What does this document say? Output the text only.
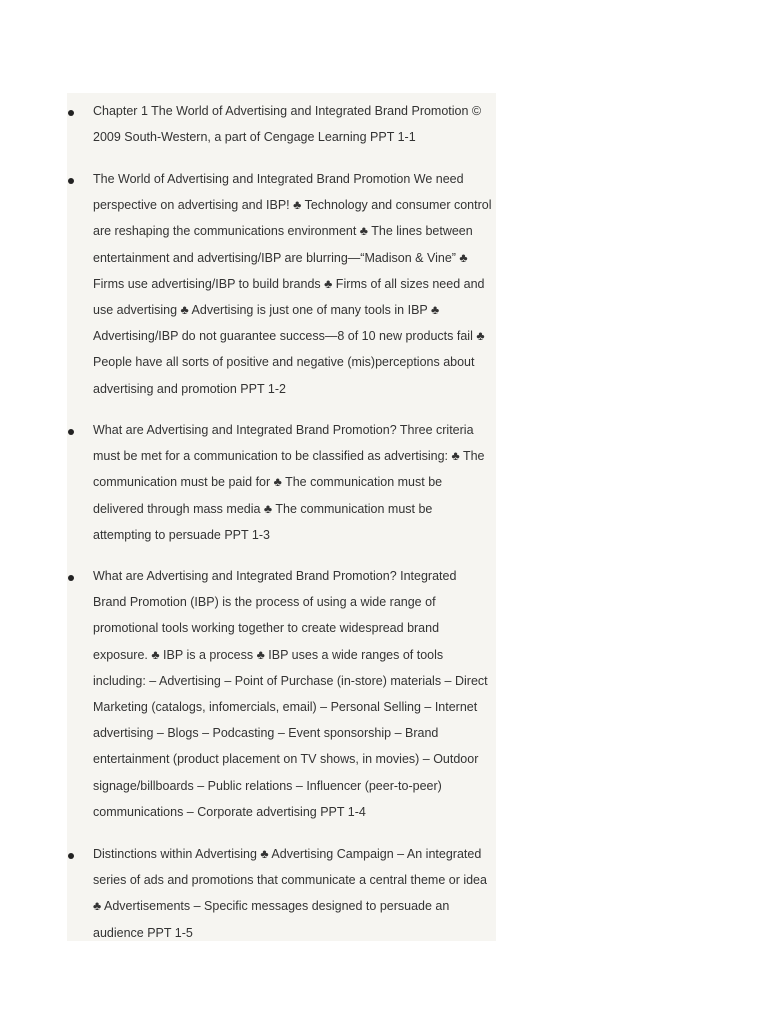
Chapter 1 The World of Advertising and Integrated Brand Promotion © 2009 South-Western, a part of Cengage Learning PPT 1-1

The World of Advertising and Integrated Brand Promotion We need perspective on advertising and IBP! ♣ Technology and consumer control are reshaping the communications environment ♣ The lines between entertainment and advertising/IBP are blurring—“Madison & Vine” ♣ Firms use advertising/IBP to build brands ♣ Firms of all sizes need and use advertising ♣ Advertising is just one of many tools in IBP ♣ Advertising/IBP do not guarantee success—8 of 10 new products fail ♣ People have all sorts of positive and negative (mis)perceptions about advertising and promotion PPT 1-2

What are Advertising and Integrated Brand Promotion? Three criteria must be met for a communication to be classified as advertising: ♣ The communication must be paid for ♣ The communication must be delivered through mass media ♣ The communication must be attempting to persuade PPT 1-3

What are Advertising and Integrated Brand Promotion? Integrated Brand Promotion (IBP) is the process of using a wide range of promotional tools working together to create widespread brand exposure. ♣ IBP is a process ♣ IBP uses a wide ranges of tools including: – Advertising – Point of Purchase (in-store) materials – Direct Marketing (catalogs, infomercials, email) – Personal Selling – Internet advertising – Blogs – Podcasting – Event sponsorship – Brand entertainment (product placement on TV shows, in movies) – Outdoor signage/billboards – Public relations – Influencer (peer-to-peer) communications – Corporate advertising PPT 1-4

Distinctions within Advertising ♣ Advertising Campaign – An integrated series of ads and promotions that communicate a central theme or idea ♣ Advertisements – Specific messages designed to persuade an audience PPT 1-5
